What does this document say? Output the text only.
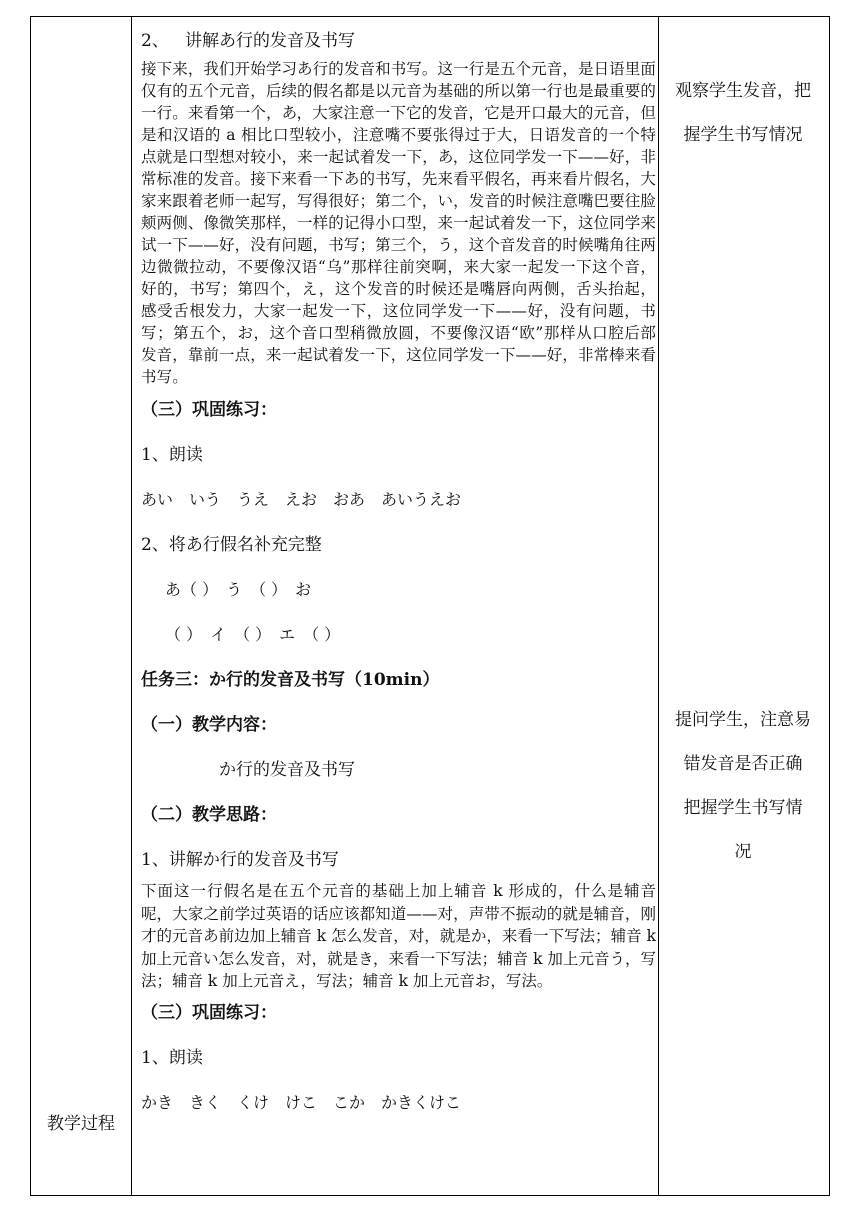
教学过程

2、 讲解あ行的发音及书写

接下来，我们开始学习あ行的发音和书写。这一行是五个元音，是日语里面仅有的五个元音，后续的假名都是以元音为基础的所以第一行也是最重要的一行。来看第一个，あ，大家注意一下它的发音，它是开口最大的元音，但是和汉语的 a 相比口型较小，注意嘴不要张得过于大，日语发音的一个特点就是口型想对较小，来一起试着发一下，あ，这位同学发一下——好，非常标准的发音。接下来看一下あ的书写，先来看平假名，再来看片假名，大家来跟着老师一起写，写得很好；第二个，い，发音的时候注意嘴巴要往脸颊两侧、像微笑那样，一样的记得小口型，来一起试着发一下，这位同学来试一下——好，没有问题，书写；第三个，う，这个音发音的时候嘴角往两边微微拉动，不要像汉语“乌”那样往前突啊，来大家一起发一下这个音，好的，书写；第四个，え，这个发音的时候还是嘴唇向两侧，舌头抬起，感受舌根发力，大家一起发一下，这位同学发一下——好，没有问题，书写；第五个，お，这个音口型稍微放圆，不要像汉语“欧”那样从口腔后部发音，靠前一点，来一起试着发一下，这位同学发一下——好，非常棒来看书写。

（三）巩固练习：

1、朗读

あい　いう　うえ　えお　おあ　あいうえお

2、将あ行假名补充完整

あ（ ）　う　（ ）　お

（ ）　イ　（ ）　エ　（ ）

任务三：か行的发音及书写（10min）

（一）教学内容：

か行的发音及书写

（二）教学思路：

1、讲解か行的发音及书写

下面这一行假名是在五个元音的基础上加上辅音 k 形成的，什么是辅音呢，大家之前学过英语的话应该都知道——对，声带不振动的就是辅音，刚才的元音あ前边加上辅音 k 怎么发音，对，就是か，来看一下写法；辅音 k 加上元音い怎么发音，对，就是き，来看一下写法；辅音 k 加上元音う，写法；辅音 k 加上元音え，写法；辅音 k 加上元音お，写法。

（三）巩固练习：

1、朗读

かき　きく　くけ　けこ　こか　かきくけこ

观察学生发音，把
握学生书写情况
提问学生，注意易
错发音是否正确
把握学生书写情
况
